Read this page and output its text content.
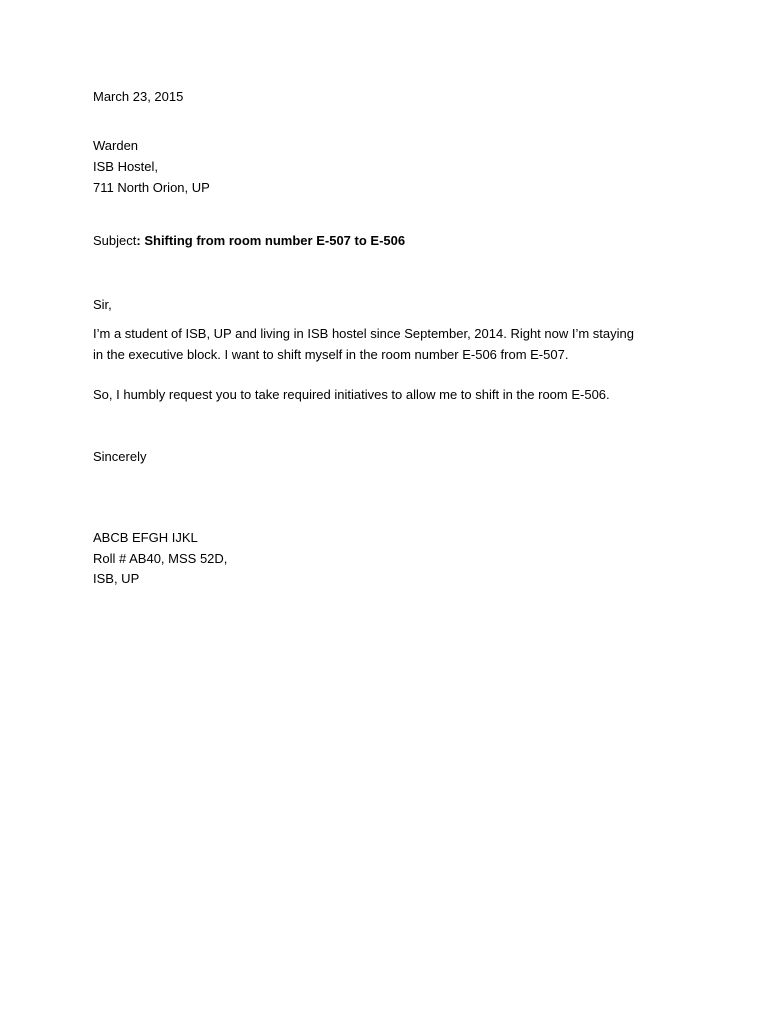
March 23, 2015
Warden
ISB Hostel,
711 North Orion, UP
Subject: Shifting from room number E-507 to E-506
Sir,
I’m a student of ISB, UP and living in ISB hostel since September, 2014. Right now I’m staying
in the executive block. I want to shift myself in the room number E-506 from E-507.
So, I humbly request you to take required initiatives to allow me to shift in the room E-506.
Sincerely
ABCB EFGH IJKL
Roll # AB40, MSS 52D,
ISB, UP
